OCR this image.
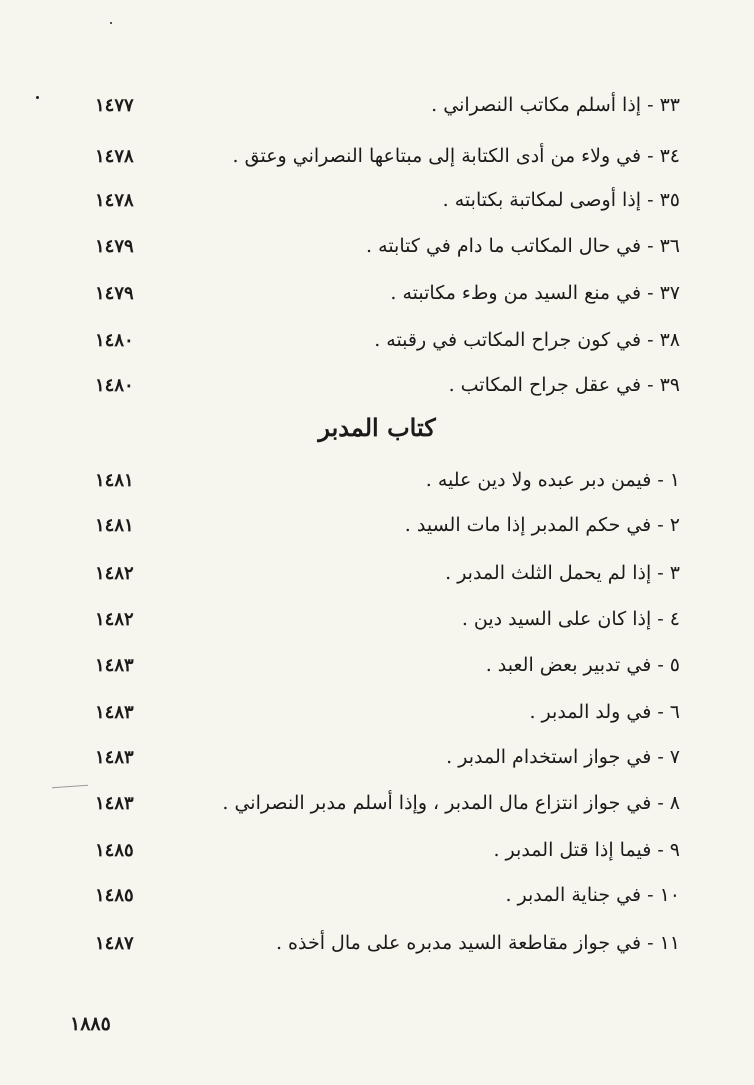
١٤٧٧	٣٣ - إذا أسلم مكاتب النصراني .
١٤٧٨	٣٤ - في ولاء من أدى الكتابة إلى مبتاعها النصراني وعتق .
١٤٧٨	٣٥ - إذا أوصى لمكاتبة بكتابته .
١٤٧٩	٣٦ - في حال المكاتب ما دام في كتابته .
١٤٧٩	٣٧ - في منع السيد من وطء مكاتبته .
١٤٨٠	٣٨ - في كون جراح المكاتب في رقبته .
١٤٨٠	٣٩ - في عقل جراح المكاتب .
كتاب المدبر
١٤٨١	١ - فيمن دبر عبده ولا دين عليه .
١٤٨١	٢ - في حكم المدبر إذا مات السيد .
١٤٨٢	٣ - إذا لم يحمل الثلث المدبر .
١٤٨٢	٤ - إذا كان على السيد دين .
١٤٨٣	٥ - في تدبير بعض العبد .
١٤٨٣	٦ - في ولد المدبر .
١٤٨٣	٧ - في جواز استخدام المدبر .
١٤٨٣	٨ - في جواز انتزاع مال المدبر ، وإذا أسلم مدبر النصراني .
١٤٨٥	٩ - فيما إذا قتل المدبر .
١٤٨٥	١٠ - في جناية المدبر .
١٤٨٧	١١ - في جواز مقاطعة السيد مدبره على مال أخذه .
١٨٨٥
